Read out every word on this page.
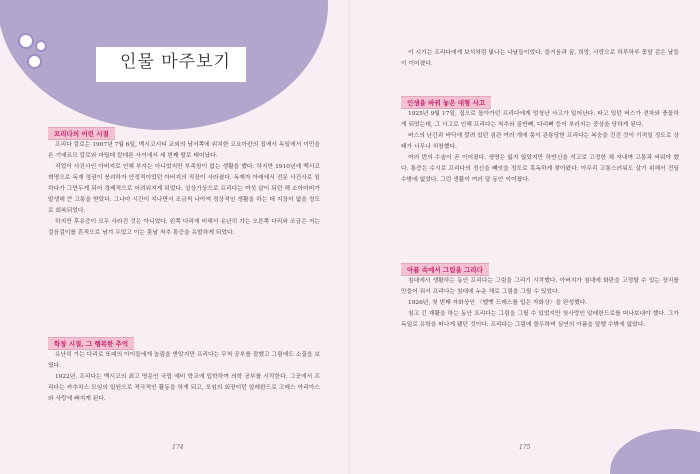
인물 마주보기
프리다의 어린 시절

프리다 칼로는 1907년 7월 6일, 멕시코시티 교외의 남서쪽에 위치한 코요아칸의 집에서 독일에서 이민을 온 기예르모 칼로와 마틸데 칼데론 사이에서 세 번째 딸로 태어났다.

직업이 사진사인 아버지로 인해 부자는 아니었지만 부족함이 없는 생활을 했다. 하지만 1910년에 멕시코 혁명으로 독재 정권이 붕괴하자 안정적이었던 아버지의 직장이 사라졌다. 독재자 아래에서 전문 사진사로 일하다가 그만두게 되어 경제적으로 어려워지게 되었다. 설상가상으로 프리다는 여섯 살이 되던 해 소아마비가 발생해 큰 고통을 받았다. 그나마 시간이 지나면서 조금씩 나아져 정상적인 생활을 하는 데 지장이 없을 정도로 회복되었다.

하지만 후유증이 모두 사라진 것은 아니었다. 왼쪽 다리에 비해서 유난히 가는 오른쪽 다리와 조금은 저는 걸음걸이를 흔적으로 남겨 두었고 이는 훗날 척추 통증을 유발하게 되었다.

학창 시절, 그 행복한 추억

유난히 가는 다리로 또래의 아이들에게 놀림을 받았지만 프리다는 무척 공부를 잘했고 그림에도 소질을 보였다.

1922년, 프리다는 멕시코의 최고 명문인 국립 예비 학교에 입학하여 의학 공부를 시작한다. 그곳에서 프리다는 카추차스 모임의 일원으로 적극적인 활동을 하게 되고, 모임의 회장이던 알레한드로 고메스 아리아스와 사랑에 빠지게 된다.

174

이 시기는 프리다에게 보석처럼 빛나는 나날들이었다. 즐거움과 꿈, 희망, 사랑으로 하루하루 꽃말 같은 날들이 이어졌다.

인생을 바꿔 놓은 대형 사고

1925년 9월 17일, 집으로 돌아가던 프리다에게 엄청난 사고가 일어난다. 타고 있던 버스가 전차와 충돌하게 되었는데, 그 사고로 인해 프리다는 척추와 골반뼈, 다리뼈 등이 부러지는 중상을 당하게 된다.

버스의 난간과 바닥에 깔려 있던 짐관 여러 개에 몸이 관통당한 프리다는 복숭을 건진 것이 기적일 정도로 상태가 너무나 처참했다.

여러 번의 수술이 곧 이어졌다. 생명은 잃지 않았지만 하반신을 석고로 고정한 채 지내며 고통과 싸워야 했다. 통증은 수시로 프리다의 정신을 빼앗을 정도로 혹독하게 찾아왔다. 아무리 고통스러워도 살기 위해서 견딜 수밖에 없었다. 그런 생활이 여러 달 동안 이어졌다.

아픔 속에서 그림을 그리다

침대에서 생활하는 동안 프리다는 그림을 그리기 시작했다. 아버지가 침대에 화판을 고정할 수 있는 장치를 만들어 줘서 프리다는 침대에 누운 채로 그림을 그릴 수 있었다.

1926년, 첫 번째 자화상인 〈벨벳 드레스를 입은 자화상〉을 완성했다.

침고 긴 재활을 하는 동안 프리다는 그림을 그릴 수 있었지만 첫사랑인 알레한드로를 떠나보내야 했다. 그가 독일로 유학을 떠나게 됐던 것이다. 프리다는 그림에 몰두하며 실연의 아픔을 달랠 수밖에 없었다.

175
